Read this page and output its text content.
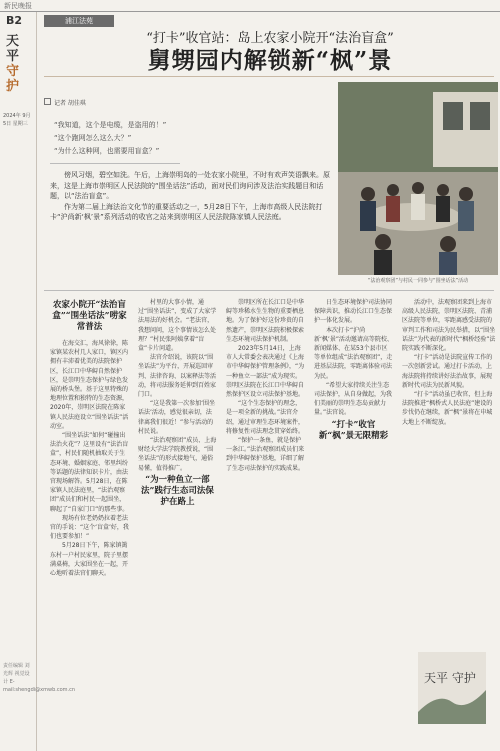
新民晚报
B2
天平
守护
2024年 9月5日 星期三
责任编辑 刘光辉 视觉设计 E-mail:shengdi@xmwb.com.cn
浦江法苑
“打卡”收官站：岛上农家小院开“法治盲盒”
舅甥园内解锁新“枫”景
记者 胡佳琪
“我知道，这个是电缆，是盗用的！”
“这个跑网怎么这么大？”
“为什么这种网，也需要用盲盒？”

傍风习烟，碧空如洗。午后，上海崇明岛的一处农家小院里，不时有欢声笑语飘来。原来，这是上海市崇明区人民法院的“围坐话法”活动，面对民们询问涉及法治实践题目和话题，以“法治盲盒”。

作为第二届上海法治文化节的重要活动之一，5月28日下午，上海市高级人民法院打卡“沪尚新‘枫’景”系列活动的收官之站来到崇明区人民法院陈家镇人民法庭。

“法治观察团”与村民一同参与“围坐话法”活动
农家小院开“法治盲盒”“围坐话法”唠家常普法

在海交汇，海风徐徐，陈家镇某农村几人家口，镇区内拥有丰沛着优美的法院保护区，长江口中华鲟自然保护区，是崇明生态保护与绿色发展的桥头堡。基于这里特殊的地理位置和独特的生态资源，2020年，崇明区法院在陈家镇人民法庭设立“围坐话法”活动室。

“围坐话法”如何“碰撞出法治火花”？这里设有“法治盲盒”，村民们随机抽取关于生态环境、婚姻家庭、邻里纠纷等话题的法律知识卡片，由法官现场解答。5月28日，在陈家镇人民法庭里，“法治观察团”成员们和村民一起围坐，聊起了“自家门口”的那些事。

现场有位老奶奶拉着老法官的手说：“这个‘盲盒’好，我们也要参加！”

5月28日下午，陈家镇篱东村一户村民家里，院子里摆满桌椅，大家围坐在一起，开心地听着法官们聊天。

村里的大事小情，通过“围坐话法”，变成了大家学法用法的好机会。“老法官，我想问问，这个事情该怎么处理？”村民张阿姨拿着“盲盒”卡片问道。

法官介绍说，该院以“围坐话法”为平台，开展巡回审判、法律咨询、以案释法等活动，将司法服务延伸到百姓家门口。

“这是我第一次参加‘围坐话法’活动，感觉很亲切，法律离我们很近！”参与活动的村民说。

“法治观察团”成员、上海财经大学法学院教授说，“围坐话法”的形式接地气，通俗易懂，值得推广。

“为一种鱼立一部法”践行生态司法保护在路上

崇明区所在长江口是中华鲟等珍稀水生生物的重要栖息地。为了保护好这份珍贵的自然遗产，崇明区法院积极探索生态环境司法保护机制。

2023年5月14日，上海市人大常委会表决通过《上海市中华鲟保护管理条例》，“为一种鱼立一部法”成为现实。崇明区法院在长江口中华鲟自然保护区设立司法保护基地。

“这个生态保护的理念，是一项全新的挑战。”法官介绍，通过审理生态环境案件，将修复性司法理念贯穿始终。

“保护一条鱼，就是保护一条江。”法治观察团成员们来到中华鲟保护基地，详细了解了生态司法保护的实践成果。

日生态环境保护司法协同保障共识，推动长江口生态保护一体化发展。

本次打卡“沪尚新‘枫’景”活动邀请高等院校、新闻媒体、在某53个县市区等单位组成“法治观察团”，走进基层法院，零距离体验司法为民。

“希望大家持续关注生态司法保护，从自身做起，为我们美丽的崇明生态岛贡献力量。”法官说。

“打卡”收官新“枫”景无限精彩

活动中，法观察团来到上海市高级人民法院，崇明区法院、青浦区法院等单位，零距离感受法院的审判工作和司法为民举措，以“围坐话法”为代表的新时代“枫桥经验”法院实践不断深化。

“打卡”活动是法院宣传工作的一次创新尝试。通过打卡活动，上海法院将持续讲好法治故事，展现新时代司法为民新风貌。

“打卡”活动虽已收官，但上海法院推进“枫桥式人民法庭”建设的步伐仍在继续，新“枫”景将在申城大地上不断绽放。

天平 守护
